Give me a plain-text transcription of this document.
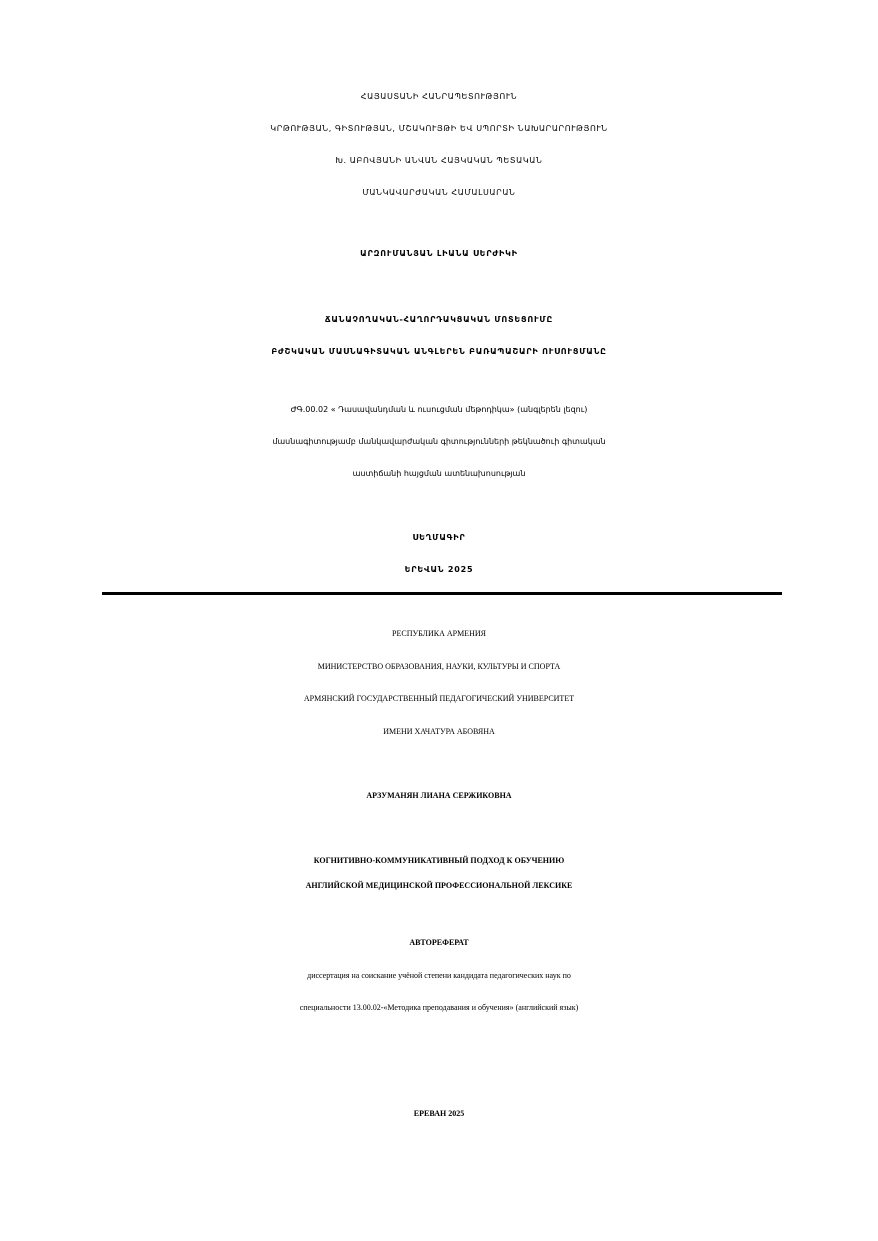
ՀԱՅԱՍՏԱՆԻ ՀԱՆՐԱՊԵՏՈՒԹՅՈՒՆ
ԿՐԹՈՒԹՅԱՆ, ԳԻՏՈՒԹՅԱՆ, ՄՇԱԿՈՒՅԹԻ ԵՎ ՍՊՈՐՏԻ ՆԱԽԱՐԱՐՈՒԹՅՈՒՆ
Խ. ԱԲՈՎՅԱՆԻ ԱՆՎԱՆ ՀԱՅԿԱԿԱՆ ՊԵՏԱԿԱՆ
ՄԱՆԿԱՎԱՐԺԱԿԱՆ ՀԱՄԱԼՍԱՐԱՆ
ԱՐԶՈՒՄԱՆՅԱՆ ԼԻԱՆԱ ՍԵՐԺԻԿԻ
ՃԱՆԱՉՈՂԱԿԱՆ-ՀԱՂՈՐԴԱԿՑԱԿԱՆ ՄՈՏԵՑՈՒՄԸ
ԲԺՇԿԱԿԱՆ ՄԱՍՆԱԳԻՏԱԿԱՆ ԱՆԳԼԵՐԵՆ ԲԱՌԱՊԱՇԱՐԻ ՈՒՍՈՒՑՄԱՆԸ
ԺԳ.00.02 « Դասավանդման և ուսուցման մեթոդիկա» (անգլերեն լեզու)
մասնագիտությամբ մանկավարժական գիտությունների թեկնածուի գիտական
աստիճանի հայցման ատենախոսության
ՍԵՂՄԱԳԻՐ
ԵՐԵՎԱՆ 2025
РЕСПУБЛИКА АРМЕНИЯ
МИНИСТЕРСТВО ОБРАЗОВАНИЯ, НАУКИ, КУЛЬТУРЫ И СПОРТА
АРМЯНСКИЙ ГОСУДАРСТВЕННЫЙ ПЕДАГОГИЧЕСКИЙ УНИВЕРСИТЕТ
ИМЕНИ ХАЧАТУРА АБОВЯНА
АРЗУМАНЯН ЛИАНА СЕРЖИКОВНА
КОГНИТИВНО-КОММУНИКАТИВНЫЙ ПОДХОД К ОБУЧЕНИЮ
АНГЛИЙСКОЙ МЕДИЦИНСКОЙ ПРОФЕССИОНАЛЬНОЙ ЛЕКСИКЕ
АВТОРЕФЕРАТ
диссертация на соискание учёной степени кандидата педагогических наук по
специальности 13.00.02-«Методика преподавания и обучения» (английский язык)
ЕРЕВАН 2025
